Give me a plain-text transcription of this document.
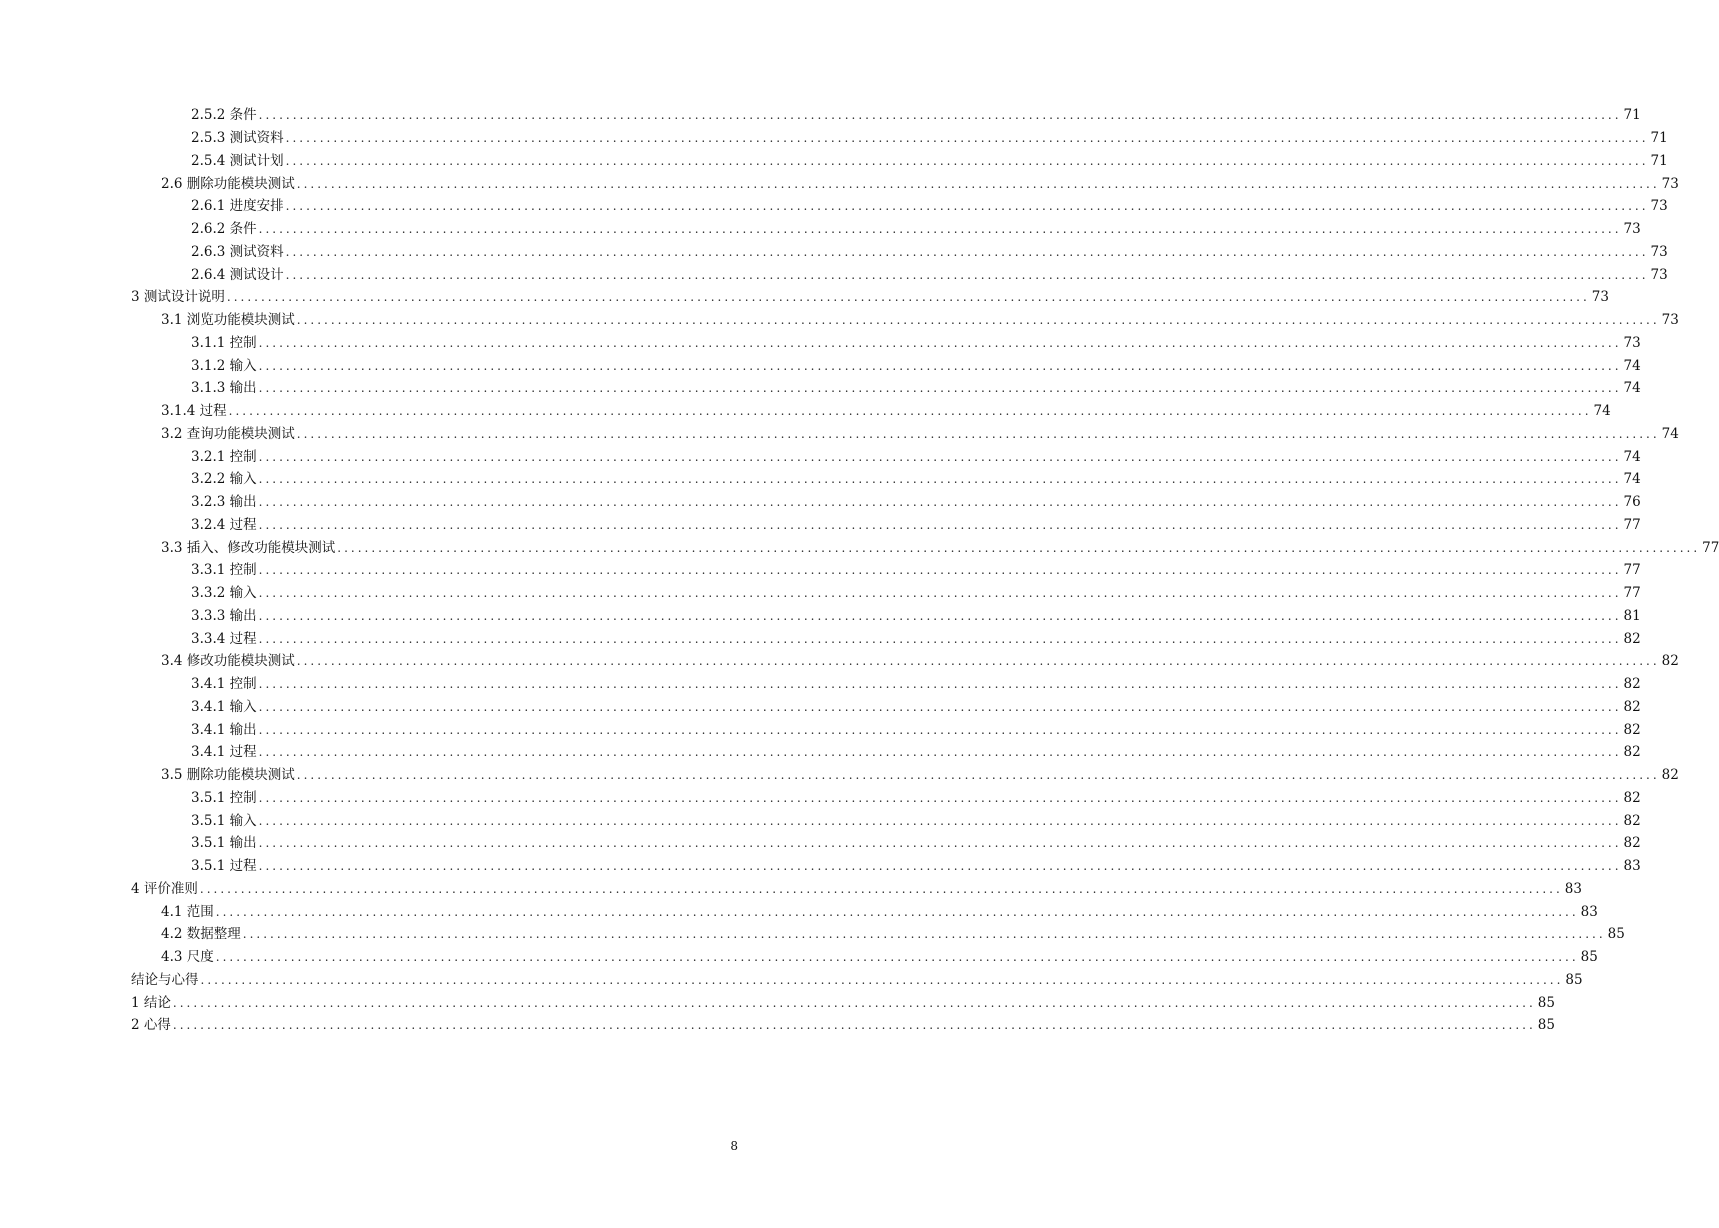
2.5.2 条件 ........................................................................................................................................................................................................ 71
2.5.3 测试资料 ........................................................................................................................................................................................................ 71
2.5.4 测试计划 ........................................................................................................................................................................................................ 71
2.6 删除功能模块测试 ........................................................................................................................................................................................................ 73
2.6.1 进度安排 ........................................................................................................................................................................................................ 73
2.6.2 条件 ........................................................................................................................................................................................................ 73
2.6.3 测试资料 ........................................................................................................................................................................................................ 73
2.6.4 测试设计 ........................................................................................................................................................................................................ 73
3 测试设计说明 ........................................................................................................................................................................................................ 73
3.1 浏览功能模块测试 ........................................................................................................................................................................................................ 73
3.1.1 控制 ........................................................................................................................................................................................................ 73
3.1.2 输入 ........................................................................................................................................................................................................ 74
3.1.3 输出 ........................................................................................................................................................................................................ 74
3.1.4 过程 ........................................................................................................................................................................................................ 74
3.2 查询功能模块测试 ........................................................................................................................................................................................................ 74
3.2.1 控制 ........................................................................................................................................................................................................ 74
3.2.2 输入 ........................................................................................................................................................................................................ 74
3.2.3 输出 ........................................................................................................................................................................................................ 76
3.2.4 过程 ........................................................................................................................................................................................................ 77
3.3 插入、修改功能模块测试 ........................................................................................................................................................................................................ 77
3.3.1 控制 ........................................................................................................................................................................................................ 77
3.3.2 输入 ........................................................................................................................................................................................................ 77
3.3.3 输出 ........................................................................................................................................................................................................ 81
3.3.4 过程 ........................................................................................................................................................................................................ 82
3.4 修改功能模块测试 ........................................................................................................................................................................................................ 82
3.4.1 控制 ........................................................................................................................................................................................................ 82
3.4.1 输入 ........................................................................................................................................................................................................ 82
3.4.1 输出 ........................................................................................................................................................................................................ 82
3.4.1 过程 ........................................................................................................................................................................................................ 82
3.5 删除功能模块测试 ........................................................................................................................................................................................................ 82
3.5.1 控制 ........................................................................................................................................................................................................ 82
3.5.1 输入 ........................................................................................................................................................................................................ 82
3.5.1 输出 ........................................................................................................................................................................................................ 82
3.5.1 过程 ........................................................................................................................................................................................................ 83
4 评价准则 ........................................................................................................................................................................................................ 83
4.1 范围 ........................................................................................................................................................................................................ 83
4.2 数据整理 ........................................................................................................................................................................................................ 85
4.3 尺度 ........................................................................................................................................................................................................ 85
结论与心得 ........................................................................................................................................................................................................ 85
1 结论 ........................................................................................................................................................................................................ 85
2 心得 ........................................................................................................................................................................................................ 85
8
